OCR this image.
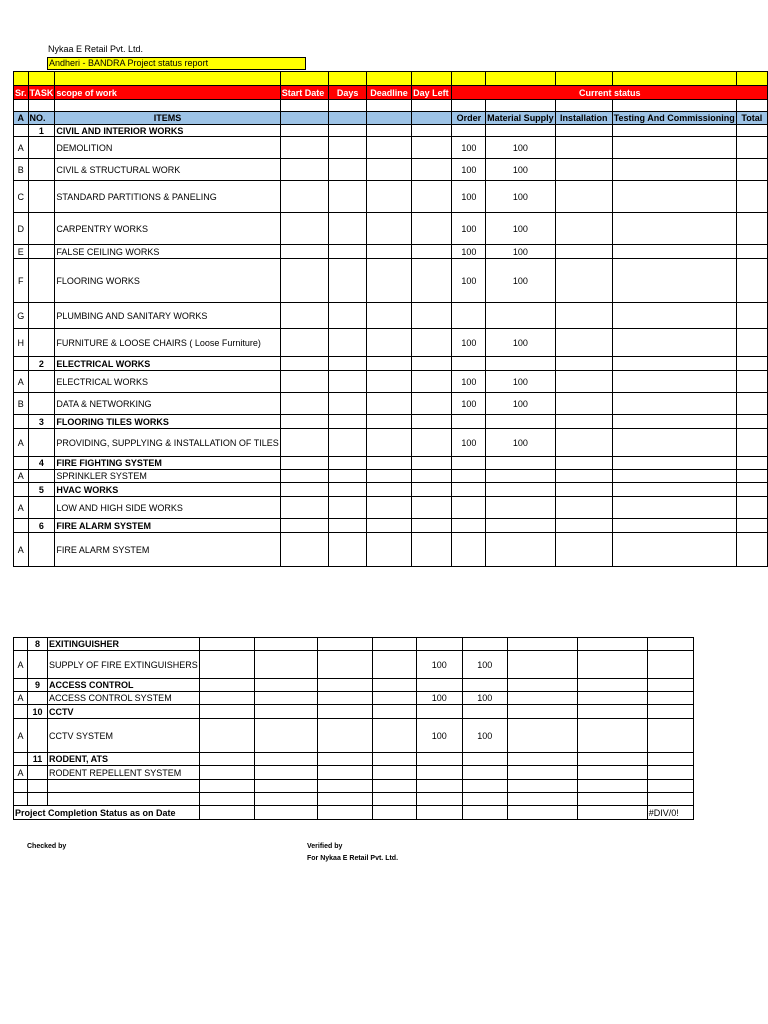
Nykaa E Retail Pvt. Ltd.
Andheri - BANDRA Project status report

Sr.	TASK	scope of work	Start Date	Days	Deadline	Day Left	Current status				

A	NO.	ITEMS					Order	Material Supply	Installation	Testing And Commissioning	Total
	1	CIVIL AND INTERIOR WORKS									
A		DEMOLITION					100	100			
B		CIVIL & STRUCTURAL WORK					100	100			
C		STANDARD PARTITIONS & PANELING					100	100			
D		CARPENTRY WORKS					100	100			
E		FALSE CEILING WORKS					100	100			
F		FLOORING WORKS					100	100			
G		PLUMBING AND SANITARY WORKS									
H		FURNITURE & LOOSE CHAIRS ( Loose Furniture)					100	100			
	2	ELECTRICAL WORKS									
A		ELECTRICAL WORKS					100	100			
B		DATA & NETWORKING					100	100			
	3	FLOORING TILES WORKS									
A		PROVIDING, SUPPLYING & INSTALLATION OF TILES					100	100			
	4	FIRE FIGHTING SYSTEM									
A		SPRINKLER SYSTEM									
	5	HVAC WORKS									
A		LOW AND HIGH SIDE WORKS									
	6	FIRE ALARM SYSTEM									
A		FIRE ALARM SYSTEM									
	8	EXITINGUISHER									
A		SUPPLY OF FIRE EXTINGUISHERS					100	100			
	9	ACCESS CONTROL									
A		ACCESS CONTROL SYSTEM					100	100			
	10	CCTV									
A		CCTV SYSTEM					100	100			
	11	RODENT, ATS									
A		RODENT REPELLENT SYSTEM									

Project Completion Status as on Date											#DIV/0!
Checked by	Verified by
For Nykaa E Retail Pvt. Ltd.
